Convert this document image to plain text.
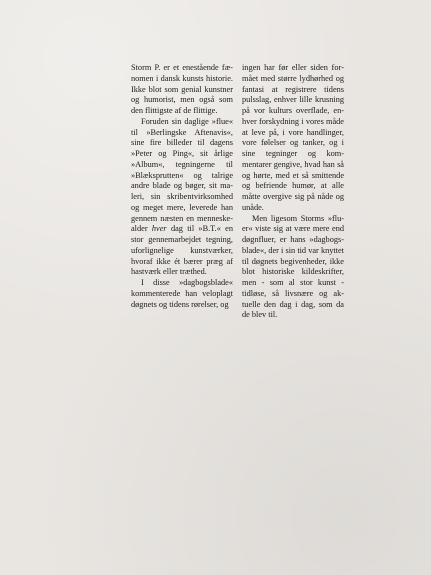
Storm P. er et enestående fænomen i dansk kunsts historie. Ikke blot som genial kunstner og humorist, men også som den flittigste af de flittige.

Foruden sin daglige »flue« til »Berlingske Aftenavis«, sine fire billeder til dagens »Peter og Ping«, sit årlige »Album«, tegningerne til »Blæksprutten« og talrige andre blade og bøger, sit maleri, sin skribentvirksomhed og meget mere, leverede han gennem næsten en menneskealder hver dag til »B.T.« en stor gennemarbejdet tegning, uforlignelige kunstværker, hvoraf ikke ét bærer præg af hastværk eller træthed.

I disse »dagbogsblade« kommenterede han veloplagt døgnets og tidens rørelser, og

ingen har før eller siden formået med større lydhørhed og fantasi at registrere tidens pulsslag, enhver lille krusning på vor kulturs overflade, enhver forskydning i vores måde at leve på, i vore handlinger, vore følelser og tanker, og i sine tegninger og kommentarer gengive, hvad han så og hørte, med et så smittende og befriende humør, at alle måtte overgive sig på nåde og unåde.

Men ligesom Storms »fluer« viste sig at være mere end døgnfluer, er hans »dagbogsblade«, der i sin tid var knyttet til døgnets begivenheder, ikke blot historiske kildeskrifter, men - som al stor kunst - tidløse, så livsnære og aktuelle den dag i dag, som da de blev til.
